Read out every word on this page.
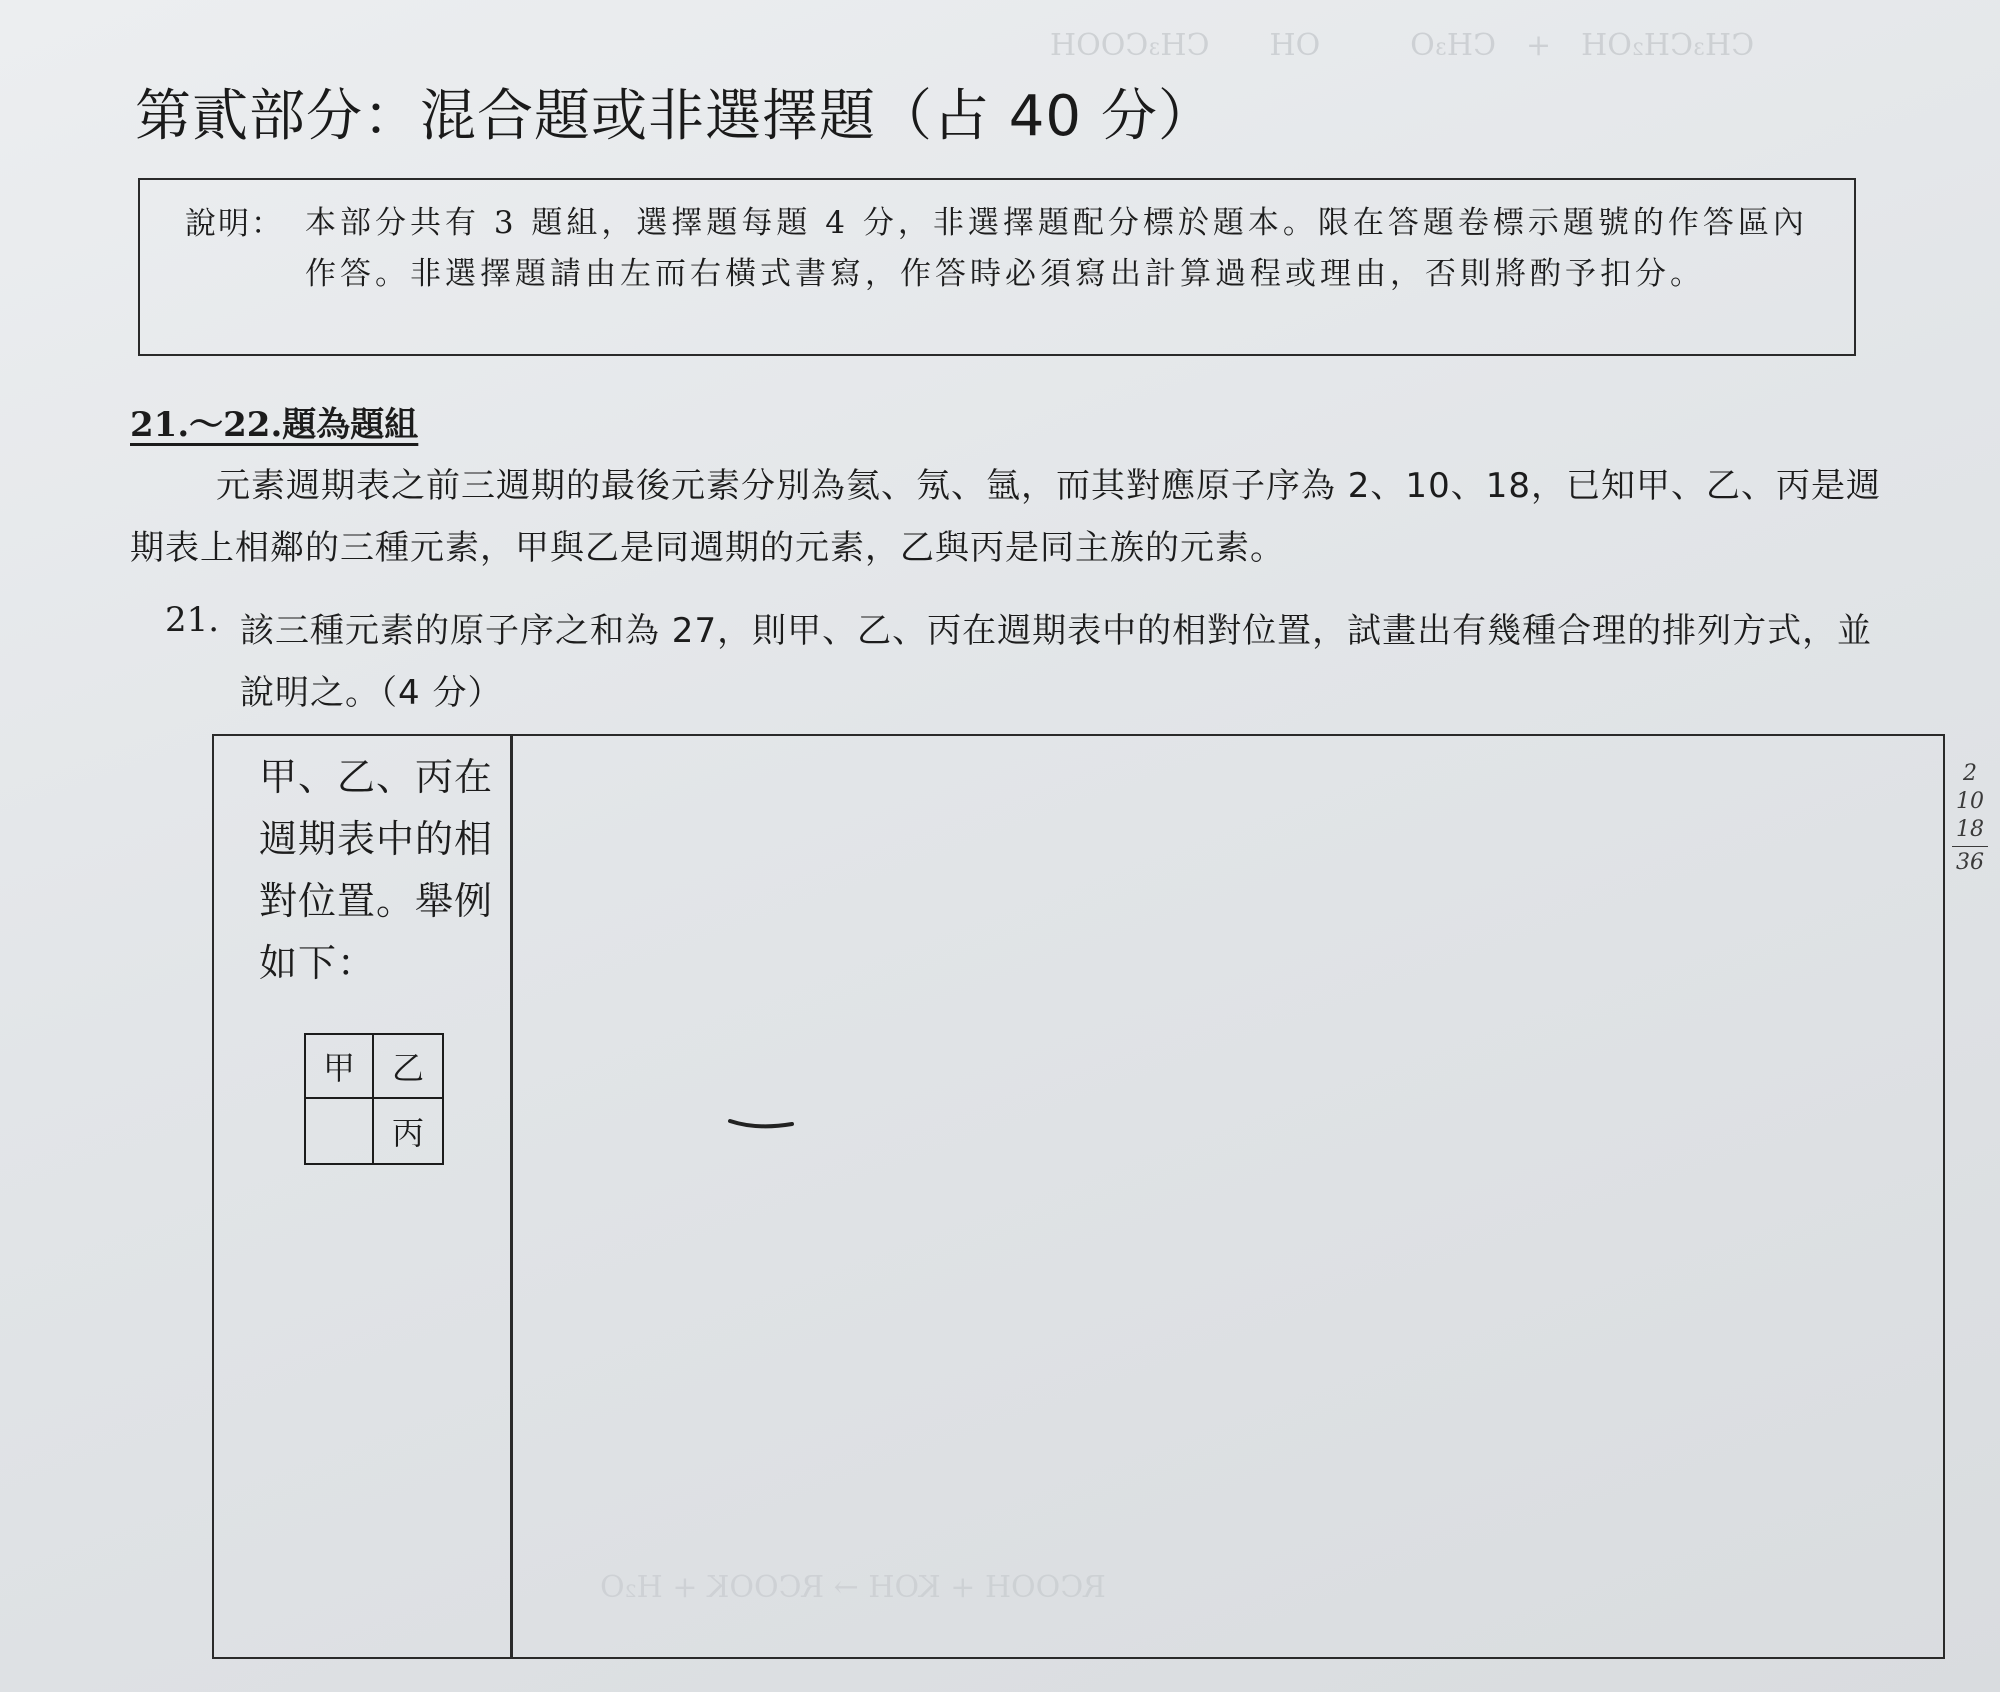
CH₃CH₂OH　+　CH₃O　　　OH　　CH₃COOH

RCOOH + KOH → RCOOK + H₂O
第貳部分：混合題或非選擇題（占 40 分）
說明： 本部分共有 3 題組，選擇題每題 4 分，非選擇題配分標於題本。限在答題卷標示題號的作答區內作答。非選擇題請由左而右橫式書寫，作答時必須寫出計算過程或理由，否則將酌予扣分。
21.～22.題為題組
元素週期表之前三週期的最後元素分別為氦、氖、氬，而其對應原子序為 2、10、18，已知甲、乙、丙是週期表上相鄰的三種元素，甲與乙是同週期的元素，乙與丙是同主族的元素。
21. 該三種元素的原子序之和為 27，則甲、乙、丙在週期表中的相對位置，試畫出有幾種合理的排列方式，並說明之。（4 分）
甲、乙、丙在週期表中的相對位置。舉例如下：
甲	乙
丙
2
10
18
36
